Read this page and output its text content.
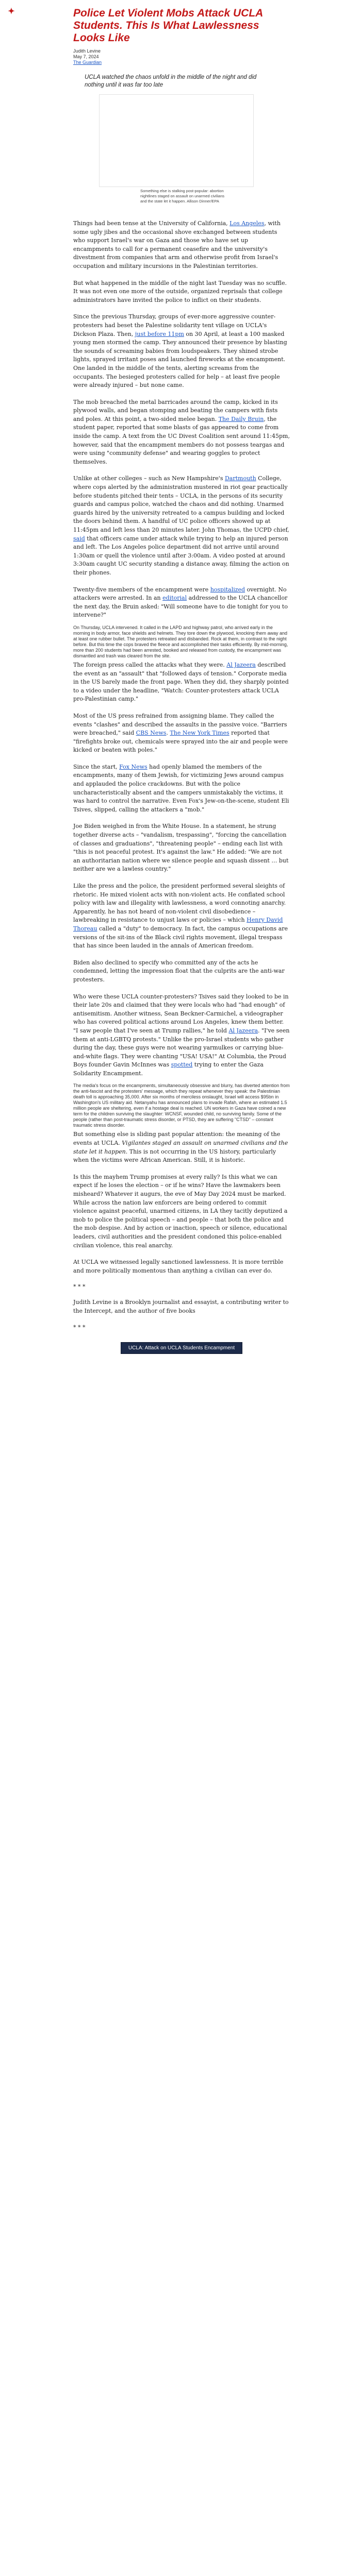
✦	Police Let Violent Mobs Attack UCLA Students. This Is What Lawlessness Looks Like
Judith Levine
May 7, 2024
The Guardian

UCLA watched the chaos unfold in the middle of the night and did nothing until it was far too late

Something else is stalking post-popular: abortion nightlines staged on assault on unarmed civilians and the state let it happen. Allison Dinner/EPA

Things had been tense at the University of California, Los Angeles, with some ugly jibes and the occasional shove exchanged between students who support Israel's war on Gaza and those who have set up encampments to call for a permanent ceasefire and the university's divestment from companies that arm and otherwise profit from Israel's occupation and military incursions in the Palestinian territories.

But what happened in the middle of the night last Tuesday was no scuffle. It was not even one more of the outside, organized reprisals that college administrators have invited the police to inflict on their students.

Since the previous Thursday, groups of ever-more aggressive counter-protesters had beset the Palestine solidarity tent village on UCLA's Dickson Plaza. Then, just before 11pm on 30 April, at least a 100 masked young men stormed the camp. They announced their presence by blasting the sounds of screaming babies from loudspeakers. They shined strobe lights, sprayed irritant poses and launched fireworks at the encampment. One landed in the middle of the tents, alerting screams from the occupants. The besieged protesters called for help – at least five people were already injured – but none came.

The mob breached the metal barricades around the camp, kicked in its plywood walls, and began stomping and beating the campers with fists and poles. At this point, a two-sided melee began. The Daily Bruin, the student paper, reported that some blasts of gas appeared to come from inside the camp. A text from the UC Divest Coalition sent around 11:45pm, however, said that the encampment members do not possess teargas and were using "community defense" and wearing goggles to protect themselves.

Unlike at other colleges – such as New Hampshire's Dartmouth College, where cops alerted by the administration mustered in riot gear practically before students pitched their tents – UCLA, in the persons of its security guards and campus police, watched the chaos and did nothing. Unarmed guards hired by the university retreated to a campus building and locked the doors behind them. A handful of UC police officers showed up at 11:45pm and left less than 20 minutes later. John Thomas, the UCPD chief, said that officers came under attack while trying to help an injured person and left. The Los Angeles police department did not arrive until around 1:30am or quell the violence until after 3:00am. A video posted at around 3:30am caught UC security standing a distance away, filming the action on their phones.

Twenty-five members of the encampment were hospitalized overnight. No attackers were arrested. In an editorial addressed to the UCLA chancellor the next day, the Bruin asked: "Will someone have to die tonight for you to intervene?"

On Thursday, UCLA intervened. It called in the LAPD and highway patrol, who arrived early in the morning in body armor, face shields and helmets. They tore down the plywood, knocking them away and at least one rubber bullet. The protesters retreated and disbanded. Rock at them, in contrast to the night before. But this time the cops braved the fleece and accomplished their tasks efficiently. By mid-morning, more than 200 students had been arrested, booked and released from custody, the encampment was dismantled and trash was cleared from the site.

The foreign press called the attacks what they were. Al Jazeera described the event as an "assault" that "followed days of tension." Corporate media in the US barely made the front page. When they did, they sharply pointed to a video under the headline, "Watch: Counter-protesters attack UCLA pro-Palestinian camp."

Most of the US press refrained from assigning blame. They called the events "clashes" and described the assaults in the passive voice. "Barriers were breached," said CBS News. The New York Times reported that "firefights broke out, chemicals were sprayed into the air and people were kicked or beaten with poles."

Since the start, Fox News had openly blamed the members of the encampments, many of them Jewish, for victimizing Jews around campus and applauded the police crackdowns. But with the police uncharacteristically absent and the campers unmistakably the victims, it was hard to control the narrative. Even Fox's Jew-on-the-scene, student Eli Tsives, slipped, calling the attackers a "mob."

Joe Biden weighed in from the White House. In a statement, he strung together diverse acts – "vandalism, trespassing", "forcing the cancellation of classes and graduations", "threatening people" – ending each list with "this is not peaceful protest. It's against the law." He added: "We are not an authoritarian nation where we silence people and squash dissent … but neither are we a lawless country."

Like the press and the police, the president performed several sleights of rhetoric. He mixed violent acts with non-violent acts. He conflated school policy with law and illegality with lawlessness, a word connoting anarchy. Apparently, he has not heard of non-violent civil disobedience – lawbreaking in resistance to unjust laws or policies – which Henry David Thoreau called a "duty" to democracy. In fact, the campus occupations are versions of the sit-ins of the Black civil rights movement, illegal trespass that has since been lauded in the annals of American freedom.

Biden also declined to specify who committed any of the acts he condemned, letting the impression float that the culprits are the anti-war protesters.

Who were these UCLA counter-protesters? Tsives said they looked to be in their late 20s and claimed that they were locals who had "had enough" of antisemitism. Another witness, Sean Beckner-Carmichel, a videographer who has covered political actions around Los Angeles, knew them better. "I saw people that I've seen at Trump rallies," he told Al Jazeera. "I've seen them at anti-LGBTQ protests." Unlike the pro-Israel students who gather during the day, these guys were not wearing yarmulkes or carrying blue-and-white flags. They were chanting "USA! USA!" At Columbia, the Proud Boys founder Gavin McInnes was spotted trying to enter the Gaza Solidarity Encampment.

The media's focus on the encampments, simultaneously obsessive and blurry, has diverted attention from the anti-fascist and the protesters' message, which they repeat whenever they speak: the Palestinian death toll is approaching 35,000. After six months of merciless onslaught, Israel will access $95bn in Washington's US military aid. Netanyahu has announced plans to invade Rafah, where an estimated 1.5 million people are sheltering, even if a hostage deal is reached. UN workers in Gaza have coined a new term for the children surviving the slaughter: WCNSF, wounded child, no surviving family. Some of the people (rather than post-traumatic stress disorder, or PTSD, they are suffering "CTSD" – constant traumatic stress disorder.

But something else is sliding past popular attention: the meaning of the events at UCLA. Vigilantes staged an assault on unarmed civilians and the state let it happen. This is not occurring in the US history, particularly when the victims were African American. Still, it is historic.

Is this the mayhem Trump promises at every rally? Is this what we can expect if he loses the election – or if he wins? Have the lawmakers been misheard? Whatever it augurs, the eve of May Day 2024 must be marked. While across the nation law enforcers are being ordered to commit violence against peaceful, unarmed citizens, in LA they tacitly deputized a mob to police the political speech – and people – that both the police and the mob despise. And by action or inaction, speech or silence, educational leaders, civil authorities and the president condoned this police-enabled civilian violence, this real anarchy.

At UCLA we witnessed legally sanctioned lawlessness. It is more terrible and more politically momentous than anything a civilian can ever do.

* * *

Judith Levine is a Brooklyn journalist and essayist, a contributing writer to the Intercept, and the author of five books

* * *
UCLA: Attack on UCLA Students Encampment
